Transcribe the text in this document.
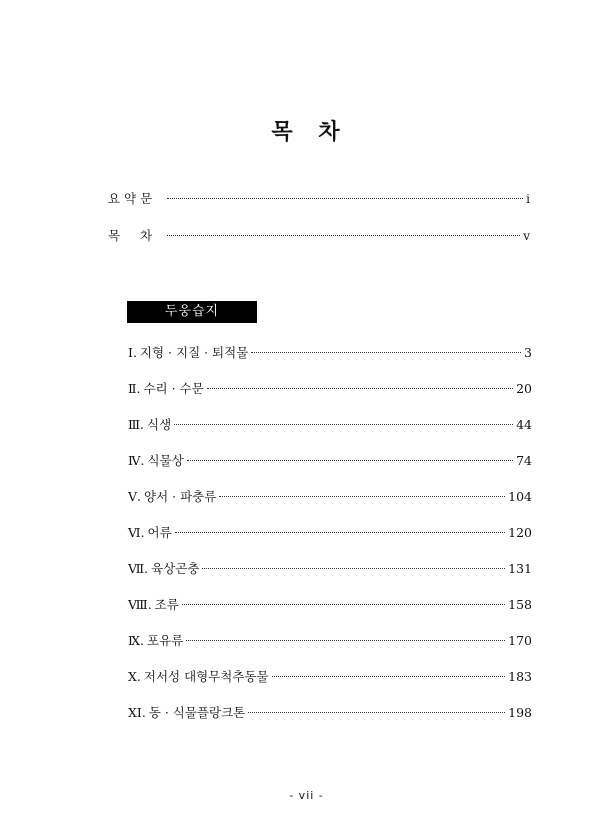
목 차
요 약 문	ⅰ
목     차	ⅴ
두웅습지
Ⅰ. 지형 · 지질 · 퇴적물	3
Ⅱ. 수리 · 수문	20
Ⅲ. 식생	44
Ⅳ. 식물상	74
Ⅴ. 양서 · 파충류	104
Ⅵ. 어류	120
Ⅶ. 육상곤충	131
Ⅷ. 조류	158
Ⅸ. 포유류	170
Ⅹ. 저서성 대형무척추동물	183
XI. 동 · 식물플랑크톤	198
- vii -
